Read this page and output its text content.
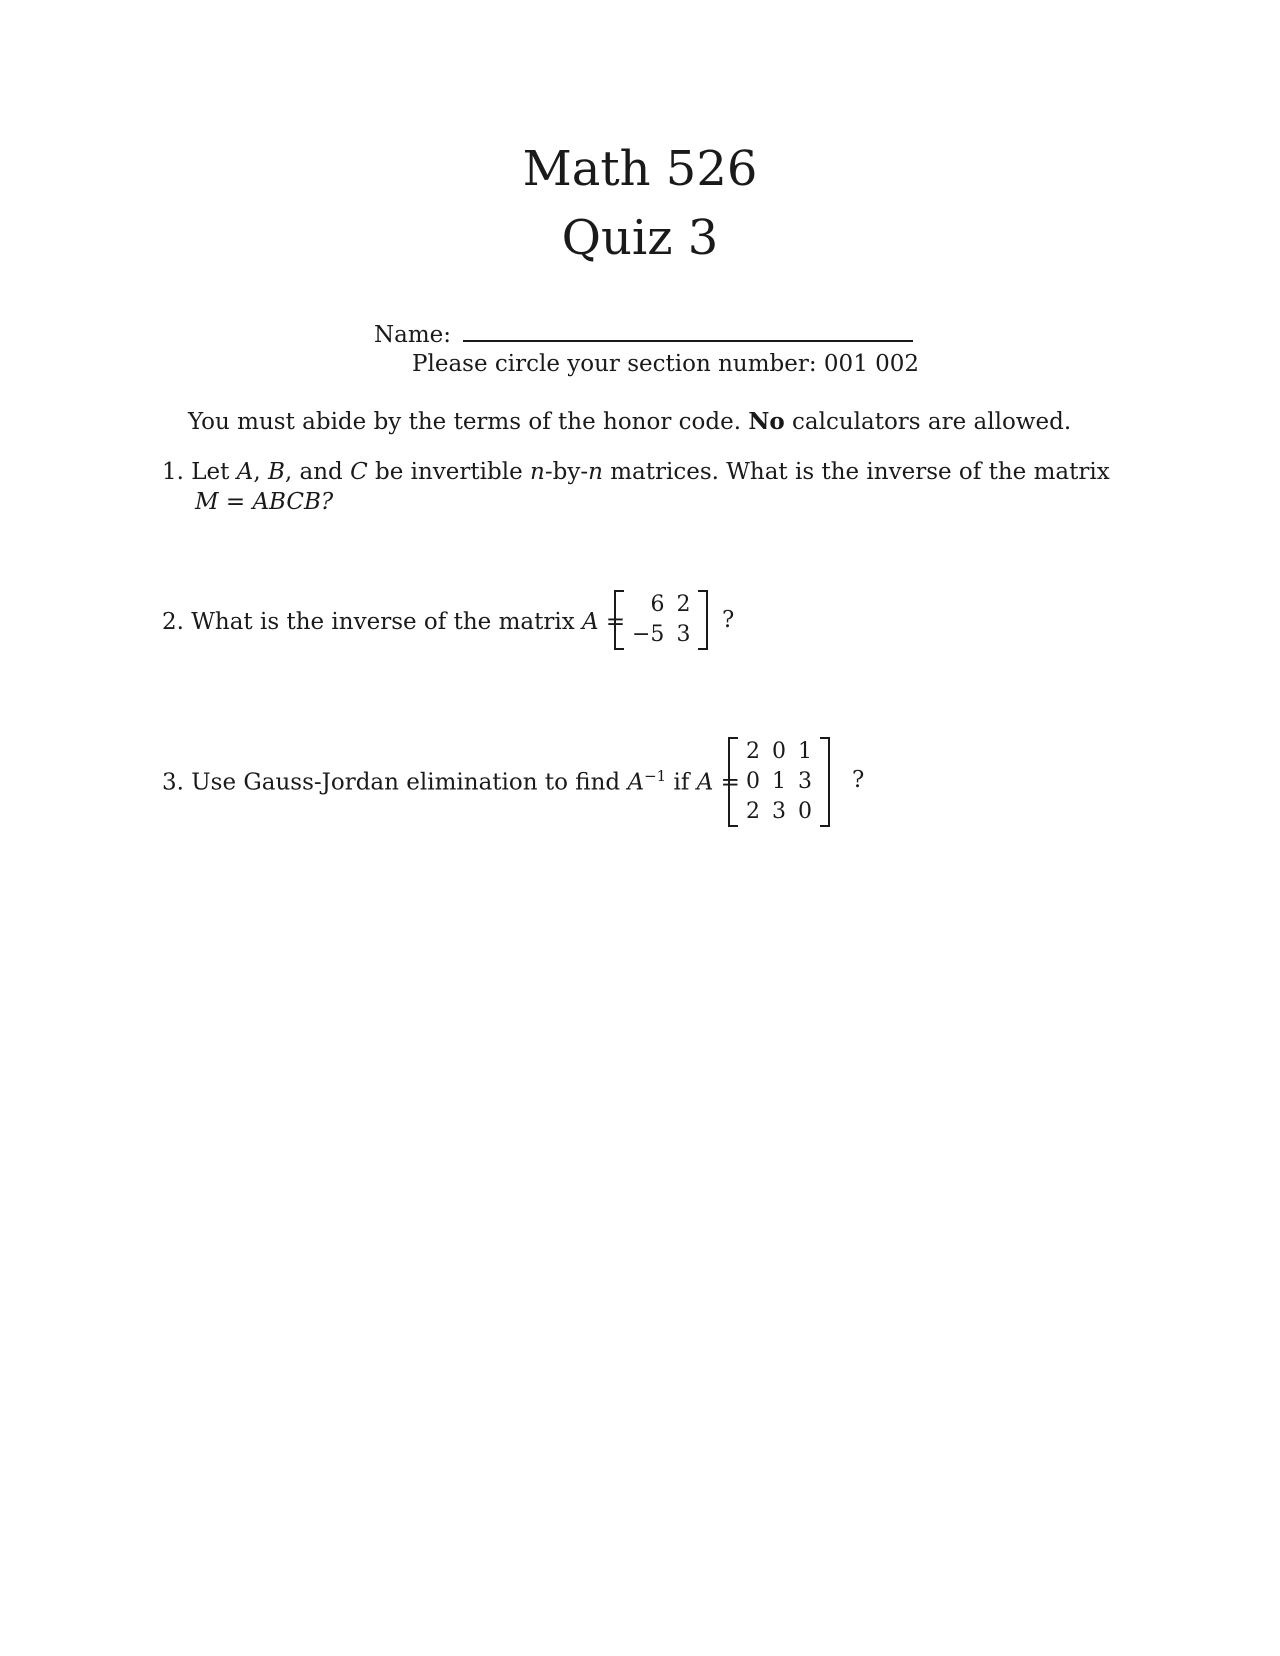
Math 526
Quiz 3
Name:
Please circle your section number: 001 002
You must abide by the terms of the honor code. No calculators are allowed.
1. Let A, B, and C be invertible n-by-n matrices. What is the inverse of the matrix
M = ABCB?
2. What is the inverse of the matrix A =
6	2
−5	3
?
3. Use Gauss-Jordan elimination to find $A^{-1}$ if A =
2	0	1
0	1	3
2	3	0
?
